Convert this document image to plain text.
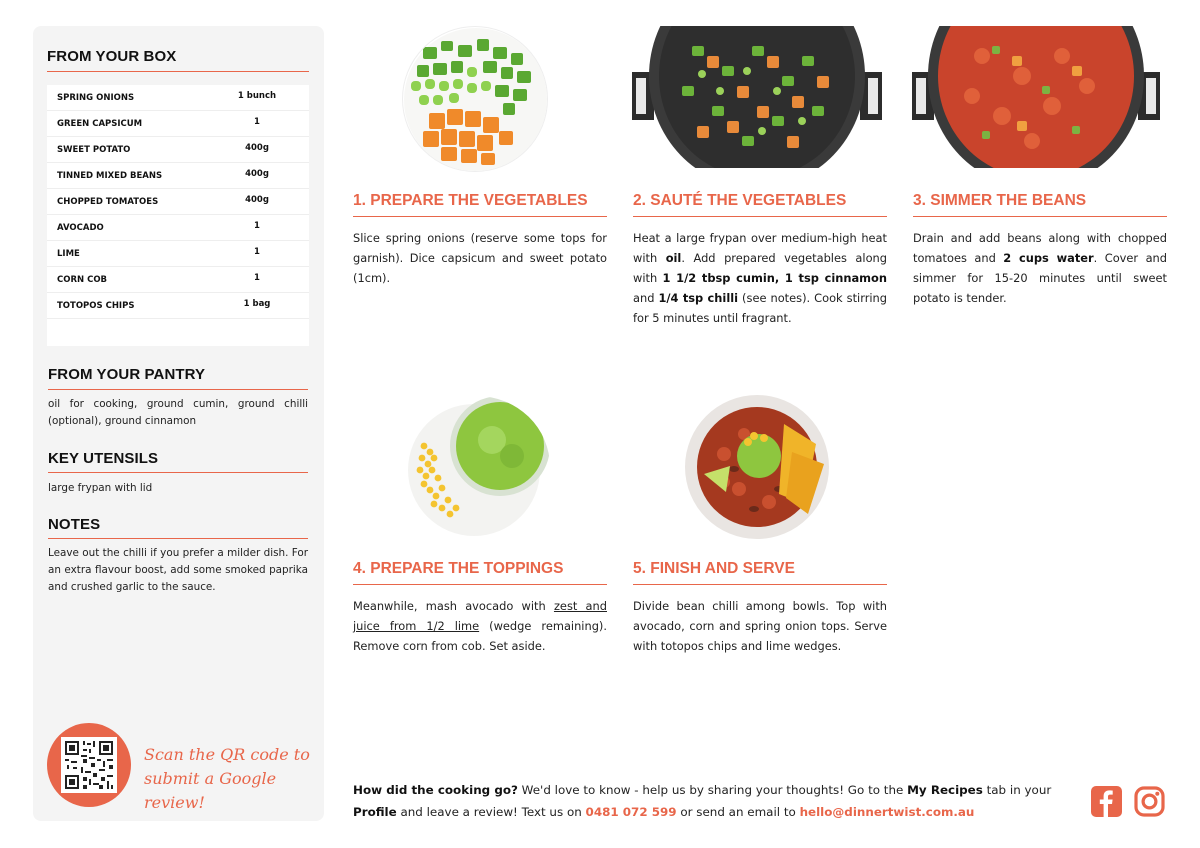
FROM YOUR BOX
SPRING ONIONS	1 bunch
GREEN CAPSICUM	1
SWEET POTATO	400g
TINNED MIXED BEANS	400g
CHOPPED TOMATOES	400g
AVOCADO	1
LIME	1
CORN COB	1
TOTOPOS CHIPS	1 bag
FROM YOUR PANTRY
oil for cooking, ground cumin, ground chilli (optional), ground cinnamon
KEY UTENSILS
large frypan with lid
NOTES
Leave out the chilli if you prefer a milder dish. For an extra flavour boost, add some smoked paprika and crushed garlic to the sauce.
Scan the QR code to
submit a Google review!
1. PREPARE THE VEGETABLES
Slice spring onions (reserve some tops for garnish). Dice capsicum and sweet potato (1cm).
2. SAUTÉ THE VEGETABLES
Heat a large frypan over medium-high heat with oil. Add prepared vegetables along with 1 1/2 tbsp cumin, 1 tsp cinnamon and 1/4 tsp chilli (see notes). Cook stirring for 5 minutes until fragrant.
3. SIMMER THE BEANS
Drain and add beans along with chopped tomatoes and 2 cups water. Cover and simmer for 15-20 minutes until sweet potato is tender.
4. PREPARE THE TOPPINGS
Meanwhile, mash avocado with zest and juice from 1/2 lime (wedge remaining). Remove corn from cob. Set aside.
5. FINISH AND SERVE
Divide bean chilli among bowls. Top with avocado, corn and spring onion tops. Serve with totopos chips and lime wedges.
How did the cooking go? We'd love to know - help us by sharing your thoughts! Go to the My Recipes tab in your Profile and leave a review! Text us on 0481 072 599 or send an email to hello@dinnertwist.com.au
